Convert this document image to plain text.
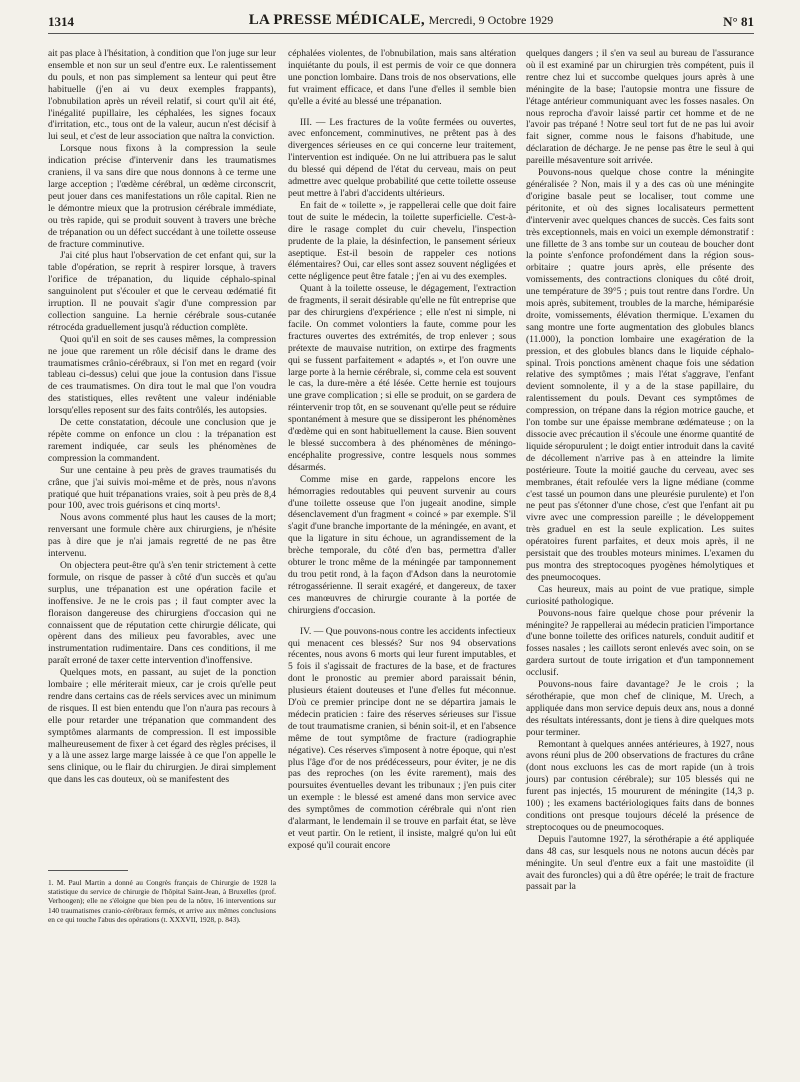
1314	LA PRESSE MÉDICALE, Mercredi, 9 Octobre 1929	N° 81

ait pas place à l'hésitation, à condition que l'on juge sur leur ensemble et non sur un seul d'entre eux. Le ralentissement du pouls, et non pas simplement sa lenteur qui peut être habituelle (j'en ai vu deux exemples frappants), l'obnubilation après un réveil relatif, si court qu'il ait été, l'inégalité pupillaire, les céphalées, les signes focaux d'irritation, etc., tous ont de la valeur, aucun n'est décisif à lui seul, et c'est de leur association que naîtra la conviction.

Lorsque nous fixons à la compression la seule indication précise d'intervenir dans les traumatismes craniens, il va sans dire que nous donnons à ce terme une large acception ; l'œdème cérébral, un œdème circonscrit, peut jouer dans ces manifestations un rôle capital. Rien ne le démontre mieux que la protrusion cérébrale immédiate, ou très rapide, qui se produit souvent à travers une brèche de trépanation ou un défect succédant à une toilette osseuse de fracture comminutive.

J'ai cité plus haut l'observation de cet enfant qui, sur la table d'opération, se reprit à respirer lorsque, à travers l'orifice de trépanation, du liquide céphalo-spinal sanguinolent put s'écouler et que le cerveau œdématié fit irruption. Il ne pouvait s'agir d'une compression par collection sanguine. La hernie cérébrale sous-cutanée rétrocéda graduellement jusqu'à réduction complète.

Quoi qu'il en soit de ses causes mêmes, la compression ne joue que rarement un rôle décisif dans le drame des traumatismes crânio-cérébraux, si l'on met en regard (voir tableau ci-dessus) celui que joue la contusion dans l'issue de ces traumatismes. On dira tout le mal que l'on voudra des statistiques, elles revêtent une valeur indéniable lorsqu'elles reposent sur des faits contrôlés, les autopsies.

De cette constatation, découle une conclusion que je répète comme on enfonce un clou : la trépanation est rarement indiquée, car seuls les phénomènes de compression la commandent.

Sur une centaine à peu près de graves traumatisés du crâne, que j'ai suivis moi-même et de près, nous n'avons pratiqué que huit trépanations vraies, soit à peu près de 8,4 pour 100, avec trois guérisons et cinq morts¹.

Nous avons commenté plus haut les causes de la mort; renversant une formule chère aux chirurgiens, je n'hésite pas à dire que je n'ai jamais regretté de ne pas être intervenu.

On objectera peut-être qu'à s'en tenir strictement à cette formule, on risque de passer à côté d'un succès et qu'au surplus, une trépanation est une opération facile et inoffensive. Je ne le crois pas ; il faut compter avec la floraison dangereuse des chirurgiens d'occasion qui ne connaissent que de réputation cette chirurgie délicate, qui opèrent dans des milieux peu favorables, avec une instrumentation rudimentaire. Dans ces conditions, il me paraît erroné de taxer cette intervention d'inoffensive.

Quelques mots, en passant, au sujet de la ponction lombaire ; elle mériterait mieux, car je crois qu'elle peut rendre dans certains cas de réels services avec un minimum de risques. Il est bien entendu que l'on n'aura pas recours à elle pour retarder une trépanation que commandent des symptômes alarmants de compression. Il est impossible malheureusement de fixer à cet égard des règles précises, il y a là une assez large marge laissée à ce que l'on appelle le sens clinique, ou le flair du chirurgien. Je dirai simplement que dans les cas douteux, où se manifestent des

1. M. Paul Martin a donné au Congrès français de Chirurgie de 1928 la statistique du service de chirurgie de l'hôpital Saint-Jean, à Bruxelles (prof. Verhoogen); elle ne s'éloigne que bien peu de la nôtre, 16 interventions sur 140 traumatismes cranio-cérébraux fermés, et arrive aux mêmes conclusions en ce qui touche l'abus des opérations (t. XXXVII, 1928, p. 843).

céphalées violentes, de l'obnubilation, mais sans altération inquiétante du pouls, il est permis de voir ce que donnera une ponction lombaire. Dans trois de nos observations, elle fut vraiment efficace, et dans l'une d'elles il semble bien qu'elle a évité au blessé une trépanation.

III. — Les fractures de la voûte fermées ou ouvertes, avec enfoncement, comminutives, ne prêtent pas à des divergences sérieuses en ce qui concerne leur traitement, l'intervention est indiquée. On ne lui attribuera pas le salut du blessé qui dépend de l'état du cerveau, mais on peut admettre avec quelque probabilité que cette toilette osseuse peut mettre à l'abri d'accidents ultérieurs.

En fait de « toilette », je rappellerai celle que doit faire tout de suite le médecin, la toilette superficielle. C'est-à-dire le rasage complet du cuir chevelu, l'inspection prudente de la plaie, la désinfection, le pansement sérieux aseptique. Est-il besoin de rappeler ces notions élémentaires? Oui, car elles sont assez souvent négligées et cette négligence peut être fatale ; j'en ai vu des exemples.

Quant à la toilette osseuse, le dégagement, l'extraction de fragments, il serait désirable qu'elle ne fût entreprise que par des chirurgiens d'expérience ; elle n'est ni simple, ni facile. On commet volontiers la faute, comme pour les fractures ouvertes des extrémités, de trop enlever ; sous prétexte de mauvaise nutrition, on extirpe des fragments qui se fussent parfaitement « adaptés », et l'on ouvre une large porte à la hernie cérébrale, si, comme cela est souvent le cas, la dure-mère a été lésée. Cette hernie est toujours une grave complication ; si elle se produit, on se gardera de réintervenir trop tôt, en se souvenant qu'elle peut se réduire spontanément à mesure que se dissiperont les phénomènes d'œdème qui en sont habituellement la cause. Bien souvent le blessé succombera à des phénomènes de méningo-encéphalite progressive, contre lesquels nous sommes désarmés.

Comme mise en garde, rappelons encore les hémorragies redoutables qui peuvent survenir au cours d'une toilette osseuse que l'on jugeait anodine, simple désenclavement d'un fragment « coincé » par exemple. S'il s'agit d'une branche importante de la méningée, en avant, et que la ligature in situ échoue, un agrandissement de la brèche temporale, du côté d'en bas, permettra d'aller obturer le tronc même de la méningée par tamponnement du trou petit rond, à la façon d'Adson dans la neurotomie rétrogassérienne. Il serait exagéré, et dangereux, de taxer ces manœuvres de chirurgie courante à la portée de chirurgiens d'occasion.

IV. — Que pouvons-nous contre les accidents infectieux qui menacent ces blessés? Sur nos 94 observations récentes, nous avons 6 morts qui leur furent imputables, et 5 fois il s'agissait de fractures de la base, et de fractures dont le pronostic au premier abord paraissait bénin, plusieurs étaient douteuses et l'une d'elles fut méconnue. D'où ce premier principe dont ne se départira jamais le médecin praticien : faire des réserves sérieuses sur l'issue de tout traumatisme cranien, si bénin soit-il, et en l'absence même de tout symptôme de fracture (radiographie négative). Ces réserves s'imposent à notre époque, qui n'est plus l'âge d'or de nos prédécesseurs, pour éviter, je ne dis pas des reproches (on les évite rarement), mais des poursuites éventuelles devant les tribunaux ; j'en puis citer un exemple : le blessé est amené dans mon service avec des symptômes de commotion cérébrale qui n'ont rien d'alarmant, le lendemain il se trouve en parfait état, se lève et veut partir. On le retient, il insiste, malgré qu'on lui eût exposé qu'il courait encore

quelques dangers ; il s'en va seul au bureau de l'assurance où il est examiné par un chirurgien très compétent, puis il rentre chez lui et succombe quelques jours après à une méningite de la base; l'autopsie montra une fissure de l'étage antérieur communiquant avec les fosses nasales. On nous reprocha d'avoir laissé partir cet homme et de ne l'avoir pas trépané ! Notre seul tort fut de ne pas lui avoir fait signer, comme nous le faisons d'habitude, une déclaration de décharge. Je ne pense pas être le seul à qui pareille mésaventure soit arrivée.

Pouvons-nous quelque chose contre la méningite généralisée ? Non, mais il y a des cas où une méningite d'origine basale peut se localiser, tout comme une péritonite, et où des signes localisateurs permettent d'intervenir avec quelques chances de succès. Ces faits sont très exceptionnels, mais en voici un exemple démonstratif : une fillette de 3 ans tombe sur un couteau de boucher dont la pointe s'enfonce profondément dans la région sous-orbitaire ; quatre jours après, elle présente des vomissements, des contractions cloniques du côté droit, une température de 39°5 ; puis tout rentre dans l'ordre. Un mois après, subitement, troubles de la marche, hémiparésie droite, vomissements, élévation thermique. L'examen du sang montre une forte augmentation des globules blancs (11.000), la ponction lombaire une exagération de la pression, et des globules blancs dans le liquide céphalo-spinal. Trois ponctions amènent chaque fois une sédation relative des symptômes ; mais l'état s'aggrave, l'enfant devient somnolente, il y a de la stase papillaire, du ralentissement du pouls. Devant ces symptômes de compression, on trépane dans la région motrice gauche, et l'on tombe sur une épaisse membrane œdémateuse ; on la dissocie avec précaution il s'écoule une énorme quantité de liquide séropurulent ; le doigt entier introduit dans la cavité de décollement n'arrive pas à en atteindre la limite postérieure. Toute la moitié gauche du cerveau, avec ses membranes, était refoulée vers la ligne médiane (comme c'est tassé un poumon dans une pleurésie purulente) et l'on ne peut pas s'étonner d'une chose, c'est que l'enfant ait pu vivre avec une compression pareille ; le développement très graduel en est la seule explication. Les suites opératoires furent parfaites, et deux mois après, il ne persistait que des troubles moteurs minimes. L'examen du pus montra des streptocoques pyogènes hémolytiques et des pneumocoques.

Cas heureux, mais au point de vue pratique, simple curiosité pathologique.

Pouvons-nous faire quelque chose pour prévenir la méningite? Je rappellerai au médecin praticien l'importance d'une bonne toilette des orifices naturels, conduit auditif et fosses nasales ; les caillots seront enlevés avec soin, on se gardera surtout de toute irrigation et d'un tamponnement occlusif.

Pouvons-nous faire davantage? Je le crois ; la sérothérapie, que mon chef de clinique, M. Urech, a appliquée dans mon service depuis deux ans, nous a donné des résultats intéressants, dont je tiens à dire quelques mots pour terminer.

Remontant à quelques années antérieures, à 1927, nous avons réuni plus de 200 observations de fractures du crâne (dont nous excluons les cas de mort rapide (un à trois jours) par contusion cérébrale); sur 105 blessés qui ne furent pas injectés, 15 moururent de méningite (14,3 p. 100) ; les examens bactériologiques faits dans de bonnes conditions ont presque toujours décelé la présence de streptocoques ou de pneumocoques.

Depuis l'automne 1927, la sérothérapie a été appliquée dans 48 cas, sur lesquels nous ne notons aucun décès par méningite. Un seul d'entre eux a fait une mastoïdite (il avait des furoncles) qui a dû être opérée; le trait de fracture passait par la
